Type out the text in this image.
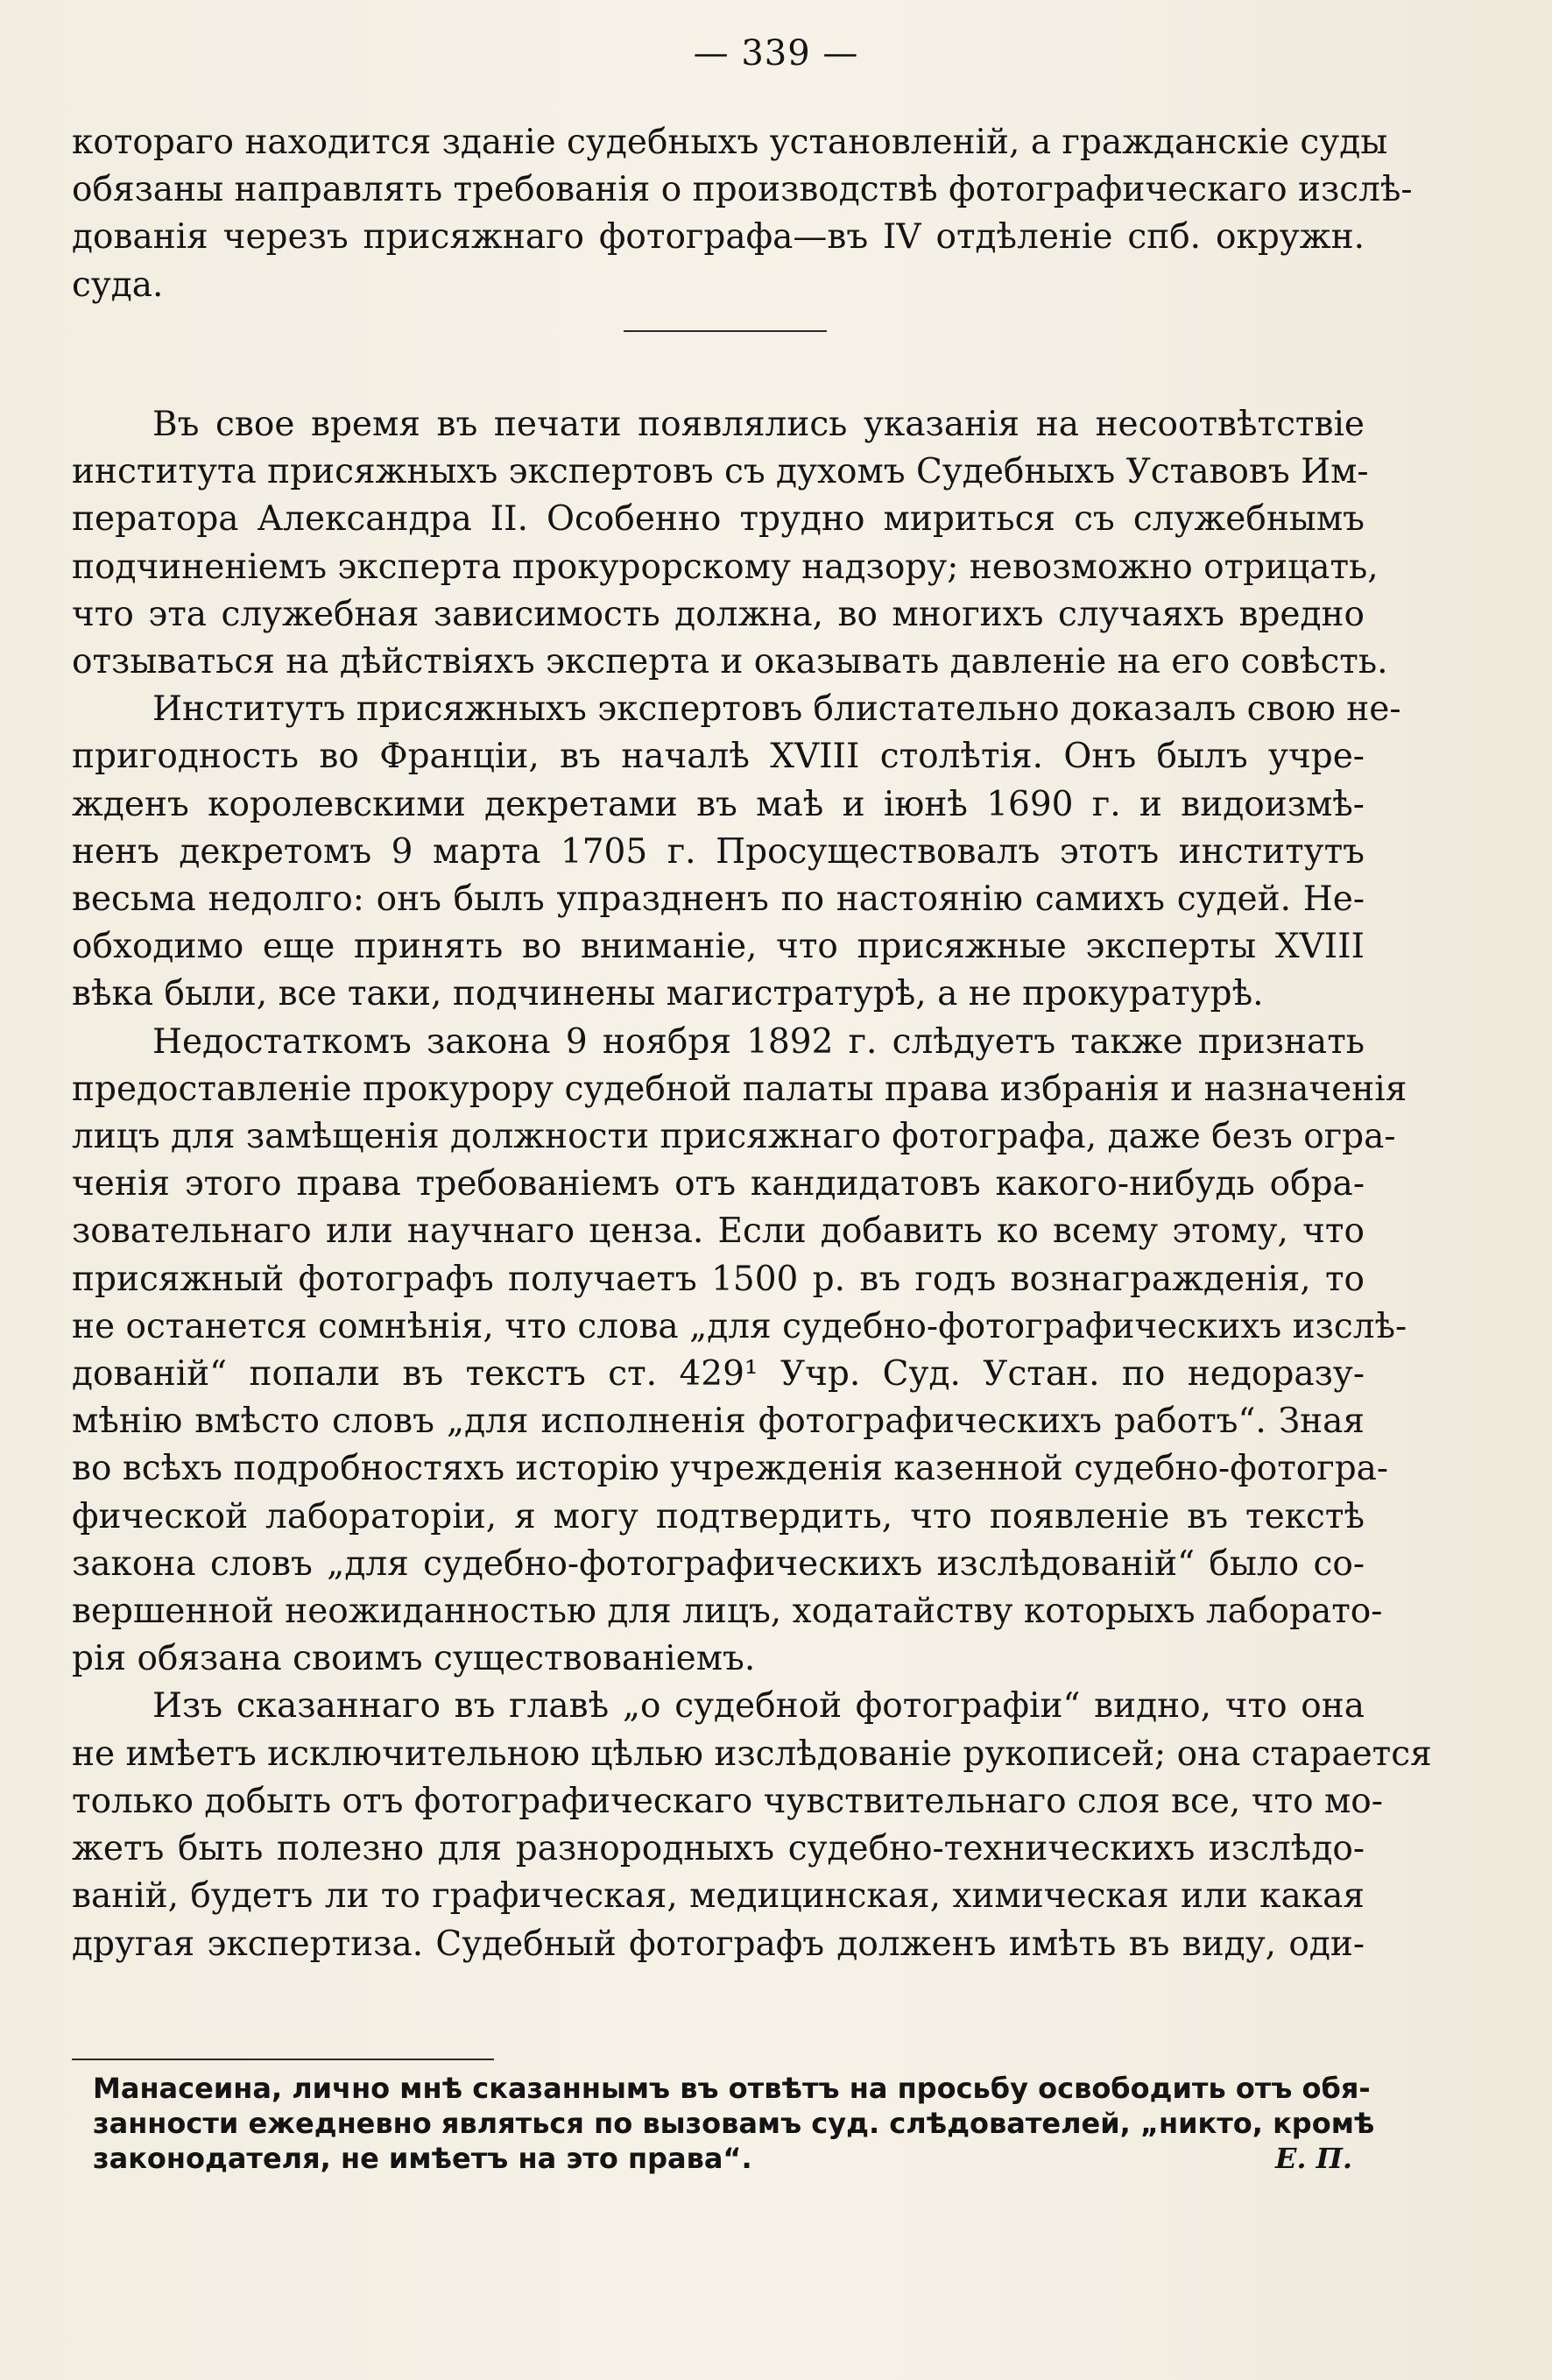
— 339 —
котораго находится зданіе судебныхъ установленій, а гражданскіе суды
обязаны направлять требованія о производствѣ фотографическаго изслѣ-
дованія черезъ присяжнаго фотографа—въ IV отдѣленіе спб. окружн.
суда.
Въ свое время въ печати появлялись указанія на несоотвѣтствіе
института присяжныхъ экспертовъ съ духомъ Судебныхъ Уставовъ Им-
ператора Александра II. Особенно трудно мириться съ служебнымъ
подчиненіемъ эксперта прокурорскому надзору; невозможно отрицать,
что эта служебная зависимость должна, во многихъ случаяхъ вредно
отзываться на дѣйствіяхъ эксперта и оказывать давленіе на его совѣсть.
Институтъ присяжныхъ экспертовъ блистательно доказалъ свою не-
пригодность во Франціи, въ началѣ XVIII столѣтія. Онъ былъ учре-
жденъ королевскими декретами въ маѣ и іюнѣ 1690 г. и видоизмѣ-
ненъ декретомъ 9 марта 1705 г. Просуществовалъ этотъ институтъ
весьма недолго: онъ былъ упраздненъ по настоянію самихъ судей. Не-
обходимо еще принять во вниманіе, что присяжные эксперты XVIII
вѣка были, все таки, подчинены магистратурѣ, а не прокуратурѣ.
Недостаткомъ закона 9 ноября 1892 г. слѣдуетъ также признать
предоставленіе прокурору судебной палаты права избранія и назначенія
лицъ для замѣщенія должности присяжнаго фотографа, даже безъ огра-
ченія этого права требованіемъ отъ кандидатовъ какого-нибудь обра-
зовательнаго или научнаго ценза. Если добавить ко всему этому, что
присяжный фотографъ получаетъ 1500 р. въ годъ вознагражденія, то
не останется сомнѣнія, что слова „для судебно-фотографическихъ изслѣ-
дованій“ попали въ текстъ ст. 429¹ Учр. Суд. Устан. по недоразу-
мѣнію вмѣсто словъ „для исполненія фотографическихъ работъ“. Зная
во всѣхъ подробностяхъ исторію учрежденія казенной судебно-фотогра-
фической лабораторіи, я могу подтвердить, что появленіе въ текстѣ
закона словъ „для судебно-фотографическихъ изслѣдованій“ было со-
вершенной неожиданностью для лицъ, ходатайству которыхъ лаборато-
рія обязана своимъ существованіемъ.
Изъ сказаннаго въ главѣ „о судебной фотографіи“ видно, что она
не имѣетъ исключительною цѣлью изслѣдованіе рукописей; она старается
только добыть отъ фотографическаго чувствительнаго слоя все, что мо-
жетъ быть полезно для разнородныхъ судебно-техническихъ изслѣдо-
ваній, будетъ ли то графическая, медицинская, химическая или какая
другая экспертиза. Судебный фотографъ долженъ имѣть въ виду, оди-
Манасеина, лично мнѣ сказаннымъ въ отвѣтъ на просьбу освободить отъ обя-
занности ежедневно являться по вызовамъ суд. слѣдователей, „никто, кромѣ
законодателя, не имѣетъ на это права“.	Е. П.
